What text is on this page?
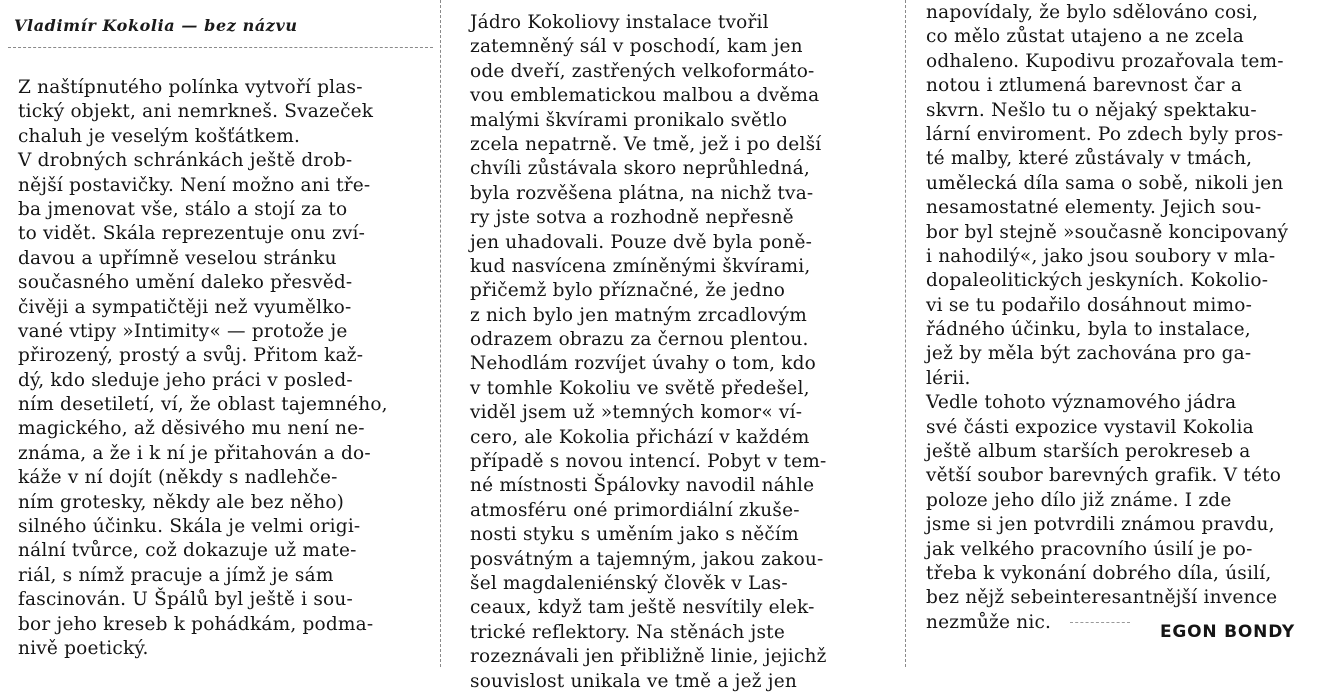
Vladimír Kokolia — bez názvu
Z naštípnutého polínka vytvoří plas-
tický objekt, ani nemrkneš. Svazeček
chaluh je veselým košťátkem.
V drobných schránkách ještě drob-
nější postavičky. Není možno ani tře-
ba jmenovat vše, stálo a stojí za to
to vidět. Skála reprezentuje onu zví-
davou a upřímně veselou stránku
současného umění daleko přesvěd-
čivěji a sympatičtěji než vyumělko-
vané vtipy »Intimity« — protože je
přirozený, prostý a svůj. Přitom kaž-
dý, kdo sleduje jeho práci v posled-
ním desetiletí, ví, že oblast tajemného,
magického, až děsivého mu není ne-
známa, a že i k ní je přitahován a do-
káže v ní dojít (někdy s nadlehče-
ním grotesky, někdy ale bez něho)
silného účinku. Skála je velmi origi-
nální tvůrce, což dokazuje už mate-
riál, s nímž pracuje a jímž je sám
fascinován. U Špálů byl ještě i sou-
bor jeho kreseb k pohádkám, podma-
nivě poetický.
Jádro Kokoliovy instalace tvořil
zatemněný sál v poschodí, kam jen
ode dveří, zastřených velkoformáto-
vou emblematickou malbou a dvěma
malými škvírami pronikalo světlo
zcela nepatrně. Ve tmě, jež i po delší
chvíli zůstávala skoro neprůhledná,
byla rozvěšena plátna, na nichž tva-
ry jste sotva a rozhodně nepřesně
jen uhadovali. Pouze dvě byla poně-
kud nasvícena zmíněnými škvírami,
přičemž bylo příznačné, že jedno
z nich bylo jen matným zrcadlovým
odrazem obrazu za černou plentou.
Nehodlám rozvíjet úvahy o tom, kdo
v tomhle Kokoliu ve světě předešel,
viděl jsem už »temných komor« ví-
cero, ale Kokolia přichází v každém
případě s novou intencí. Pobyt v tem-
né místnosti Špálovky navodil náhle
atmosféru oné primordiální zkuše-
nosti styku s uměním jako s něčím
posvátným a tajemným, jakou zakou-
šel magdaleniénský člověk v Las-
ceaux, když tam ještě nesvítily elek-
trické reflektory. Na stěnách jste
rozeznávali jen přibližně linie, jejichž
souvislost unikala ve tmě a jež jen
napovídaly, že bylo sdělováno cosi,
co mělo zůstat utajeno a ne zcela
odhaleno. Kupodivu prozařovala tem-
notou i ztlumená barevnost čar a
skvrn. Nešlo tu o nějaký spektaku-
lární envirоment. Po zdech byly pros-
té malby, které zůstávaly v tmách,
umělecká díla sama o sobě, nikoli jen
nesamostatné elementy. Jejich sou-
bor byl stejně »současně koncipovaný
i nahodilý«, jako jsou soubory v mla-
dopaleolitických jeskyních. Kokolio-
vi se tu podařilo dosáhnout mimo-
řádného účinku, byla to instalace,
jež by měla být zachována pro ga-
lérii.
Vedle tohoto významového jádra
své části expozice vystavil Kokolia
ještě album starších perokreseb a
větší soubor barevných grafik. V této
poloze jeho dílo již známe. I zde
jsme si jen potvrdili známou pravdu,
jak velkého pracovního úsilí je po-
třeba k vykonání dobrého díla, úsilí,
bez nějž sebeinteresantnější invence
nezmůže nic.	EGON BONDY
